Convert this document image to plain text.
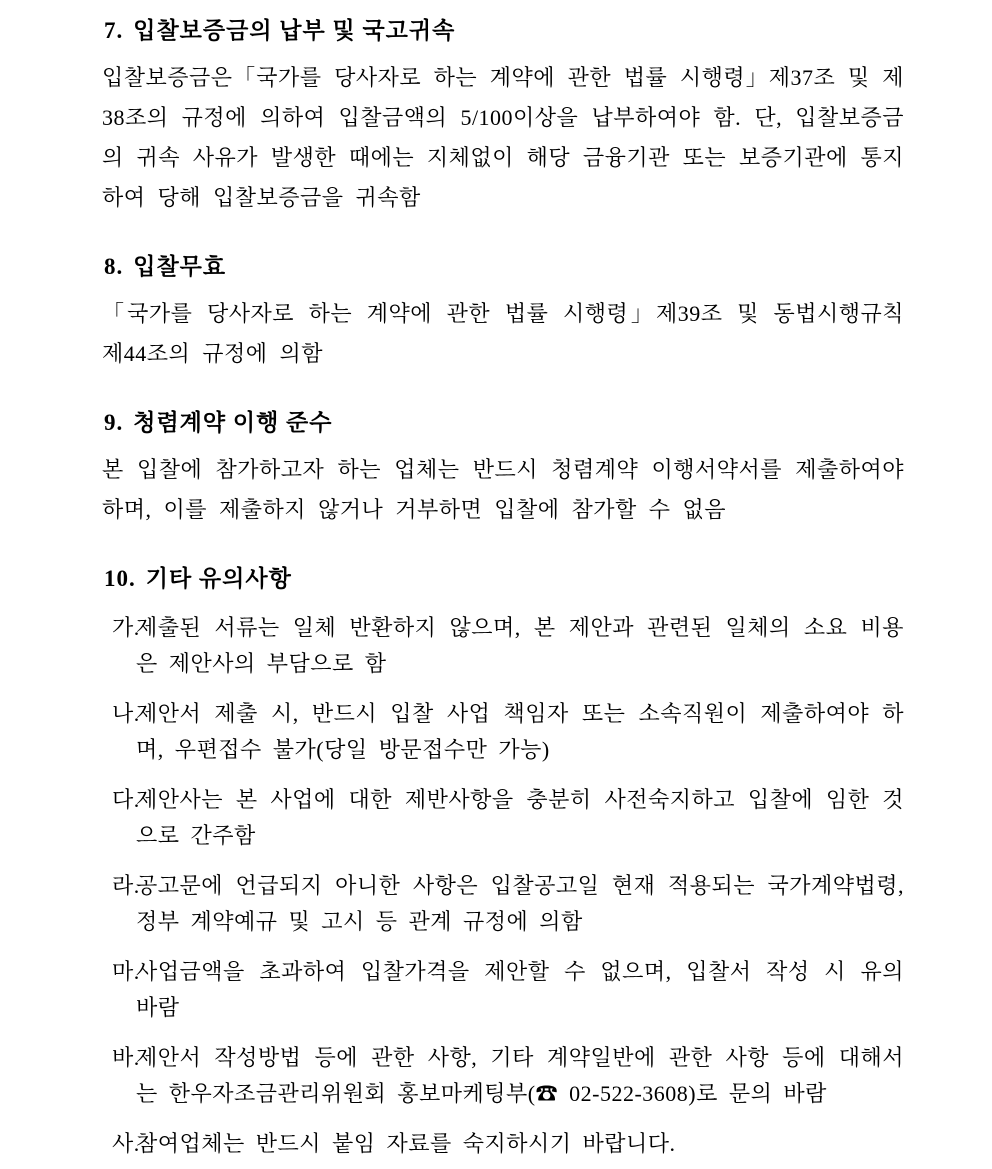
7. 입찰보증금의 납부 및 국고귀속

입찰보증금은「국가를 당사자로 하는 계약에 관한 법률 시행령」제37조 및 제38조의 규정에 의하여 입찰금액의 5/100이상을 납부하여야 함. 단, 입찰보증금의 귀속 사유가 발생한 때에는 지체없이 해당 금융기관 또는 보증기관에 통지하여 당해 입찰보증금을 귀속함

8. 입찰무효

「국가를 당사자로 하는 계약에 관한 법률 시행령」제39조 및 동법시행규칙 제44조의 규정에 의함

9. 청렴계약 이행 준수

본 입찰에 참가하고자 하는 업체는 반드시 청렴계약 이행서약서를 제출하여야 하며, 이를 제출하지 않거나 거부하면 입찰에 참가할 수 없음

10. 기타 유의사항
가.
제출된 서류는 일체 반환하지 않으며, 본 제안과 관련된 일체의 소요 비용은 제안사의 부담으로 함
나.
제안서 제출 시, 반드시 입찰 사업 책임자 또는 소속직원이 제출하여야 하며, 우편접수 불가(당일 방문접수만 가능)
다.
제안사는 본 사업에 대한 제반사항을 충분히 사전숙지하고 입찰에 임한 것으로 간주함
라.
공고문에 언급되지 아니한 사항은 입찰공고일 현재 적용되는 국가계약법령, 정부 계약예규 및 고시 등 관계 규정에 의함
마.
사업금액을 초과하여 입찰가격을 제안할 수 없으며, 입찰서 작성 시 유의 바람
바.
제안서 작성방법 등에 관한 사항, 기타 계약일반에 관한 사항 등에 대해서는 한우자조금관리위원회 홍보마케팅부(☎ 02-522-3608)로 문의 바람
사.
참여업체는 반드시 붙임 자료를 숙지하시기 바랍니다.
